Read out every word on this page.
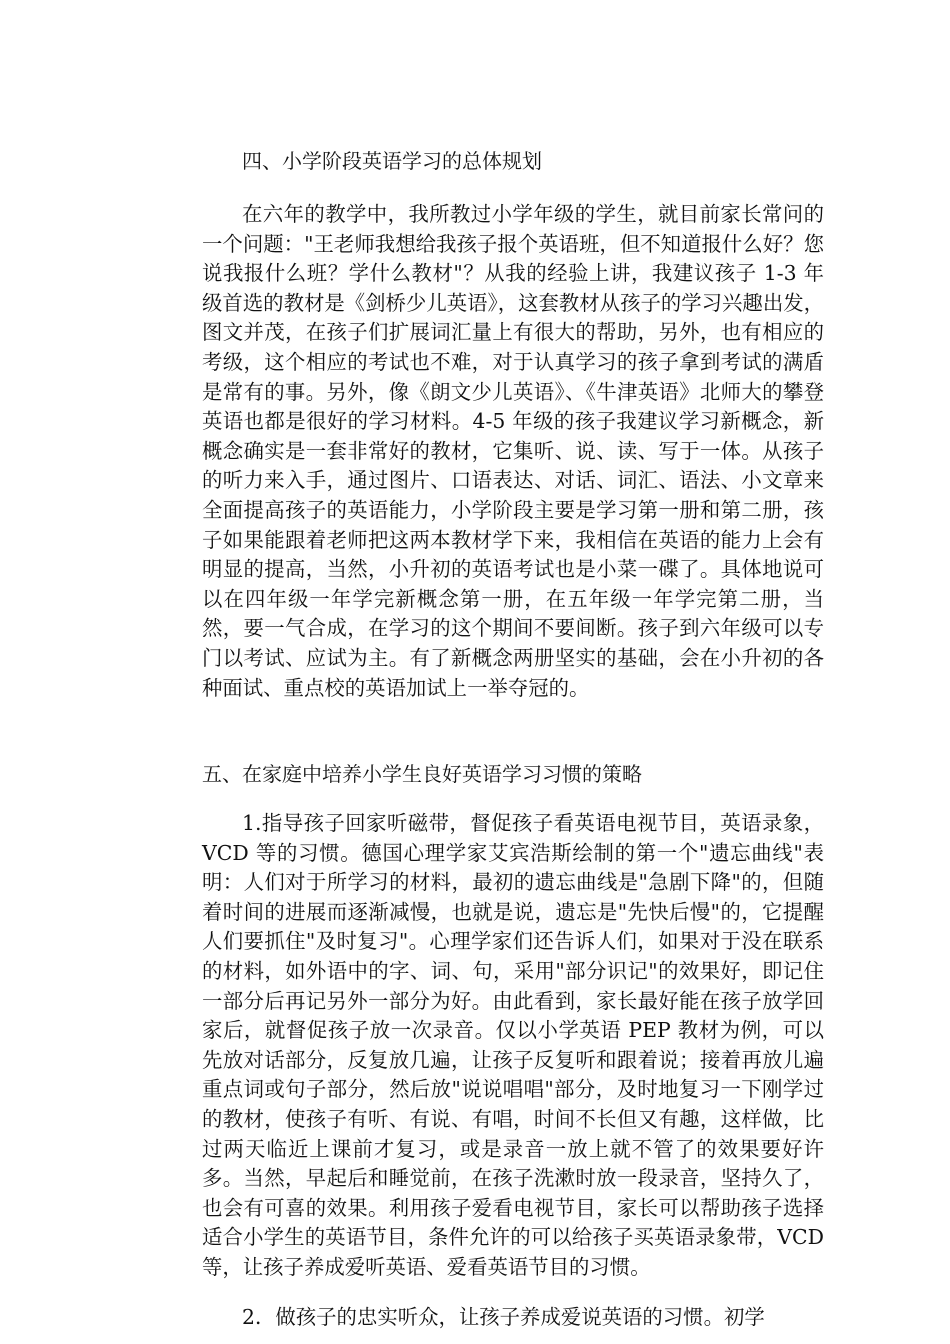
四、小学阶段英语学习的总体规划

在六年的教学中，我所教过小学年级的学生，就目前家长常问的一个问题："王老师我想给我孩子报个英语班，但不知道报什么好？您说我报什么班？学什么教材"？从我的经验上讲，我建议孩子 1-3 年级首选的教材是《剑桥少儿英语》，这套教材从孩子的学习兴趣出发，图文并茂，在孩子们扩展词汇量上有很大的帮助，另外，也有相应的考级，这个相应的考试也不难，对于认真学习的孩子拿到考试的满盾是常有的事。另外，像《朗文少儿英语》、《牛津英语》北师大的攀登英语也都是很好的学习材料。4-5 年级的孩子我建议学习新概念，新概念确实是一套非常好的教材，它集听、说、读、写于一体。从孩子的听力来入手，通过图片、口语表达、对话、词汇、语法、小文章来全面提高孩子的英语能力，小学阶段主要是学习第一册和第二册，孩子如果能跟着老师把这两本教材学下来，我相信在英语的能力上会有明显的提高，当然，小升初的英语考试也是小菜一碟了。具体地说可以在四年级一年学完新概念第一册，在五年级一年学完第二册，当然，要一气合成，在学习的这个期间不要间断。孩子到六年级可以专门以考试、应试为主。有了新概念两册坚实的基础，会在小升初的各种面试、重点校的英语加试上一举夺冠的。

五、在家庭中培养小学生良好英语学习习惯的策略

1.指导孩子回家听磁带，督促孩子看英语电视节目，英语录象，VCD 等的习惯。德国心理学家艾宾浩斯绘制的第一个"遗忘曲线"表明：人们对于所学习的材料，最初的遗忘曲线是"急剧下降"的，但随着时间的进展而逐渐减慢，也就是说，遗忘是"先快后慢"的，它提醒人们要抓住"及时复习"。心理学家们还告诉人们，如果对于没在联系的材料，如外语中的字、词、句，采用"部分识记"的效果好，即记住一部分后再记另外一部分为好。由此看到，家长最好能在孩子放学回家后，就督促孩子放一次录音。仅以小学英语 PEP 教材为例，可以先放对话部分，反复放几遍，让孩子反复听和跟着说；接着再放儿遍重点词或句子部分，然后放"说说唱唱"部分，及时地复习一下刚学过的教材，使孩子有听、有说、有唱，时间不长但又有趣，这样做，比过两天临近上课前才复习，或是录音一放上就不管了的效果要好许多。当然，早起后和睡觉前，在孩子洗漱时放一段录音，坚持久了，也会有可喜的效果。利用孩子爱看电视节目，家长可以帮助孩子选择适合小学生的英语节目，条件允许的可以给孩子买英语录象带，VCD 等，让孩子养成爱听英语、爱看英语节目的习惯。

2．做孩子的忠实听众，让孩子养成爱说英语的习惯。初学
